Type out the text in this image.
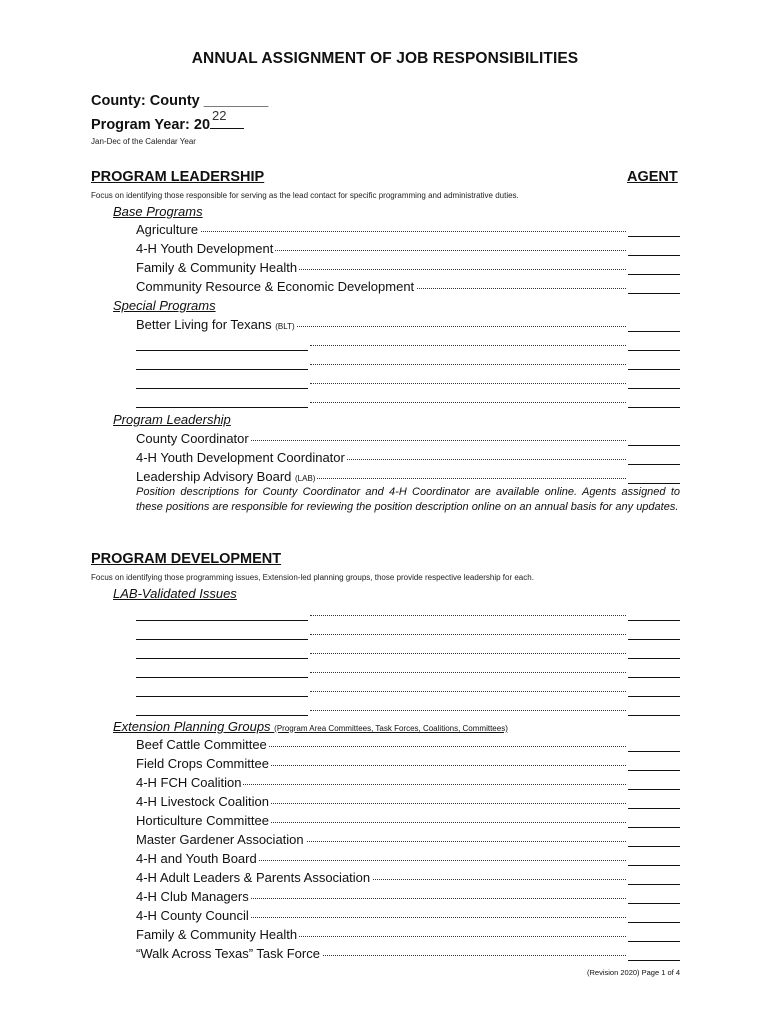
ANNUAL ASSIGNMENT OF JOB RESPONSIBILITIES
County: County ________
Program Year: 20
22
Jan-Dec of the Calendar Year
PROGRAM LEADERSHIP	AGENT
Focus on identifying those responsible for serving as the lead contact for specific programming and administrative duties.
Base Programs
Agriculture
4-H Youth Development
Family & Community Health
Community Resource & Economic Development
Special Programs
Better Living for Texans (BLT)
Program Leadership
County Coordinator
4-H Youth Development Coordinator
Leadership Advisory Board (LAB)
Position descriptions for County Coordinator and 4-H Coordinator are available online. Agents assigned to these positions are responsible for reviewing the position description online on an annual basis for any updates.
PROGRAM DEVELOPMENT
Focus on identifying those programming issues, Extension-led planning groups, those provide respective leadership for each.
LAB-Validated Issues
Extension Planning Groups (Program Area Committees, Task Forces, Coalitions, Committees)
Beef Cattle Committee
Field Crops Committee
4-H FCH Coalition
4-H Livestock Coalition
Horticulture Committee
Master Gardener Association
4-H and Youth Board
4-H Adult Leaders & Parents Association
4-H Club Managers
4-H County Council
Family & Community Health
“Walk Across Texas” Task Force
(Revision 2020) Page 1 of 4
